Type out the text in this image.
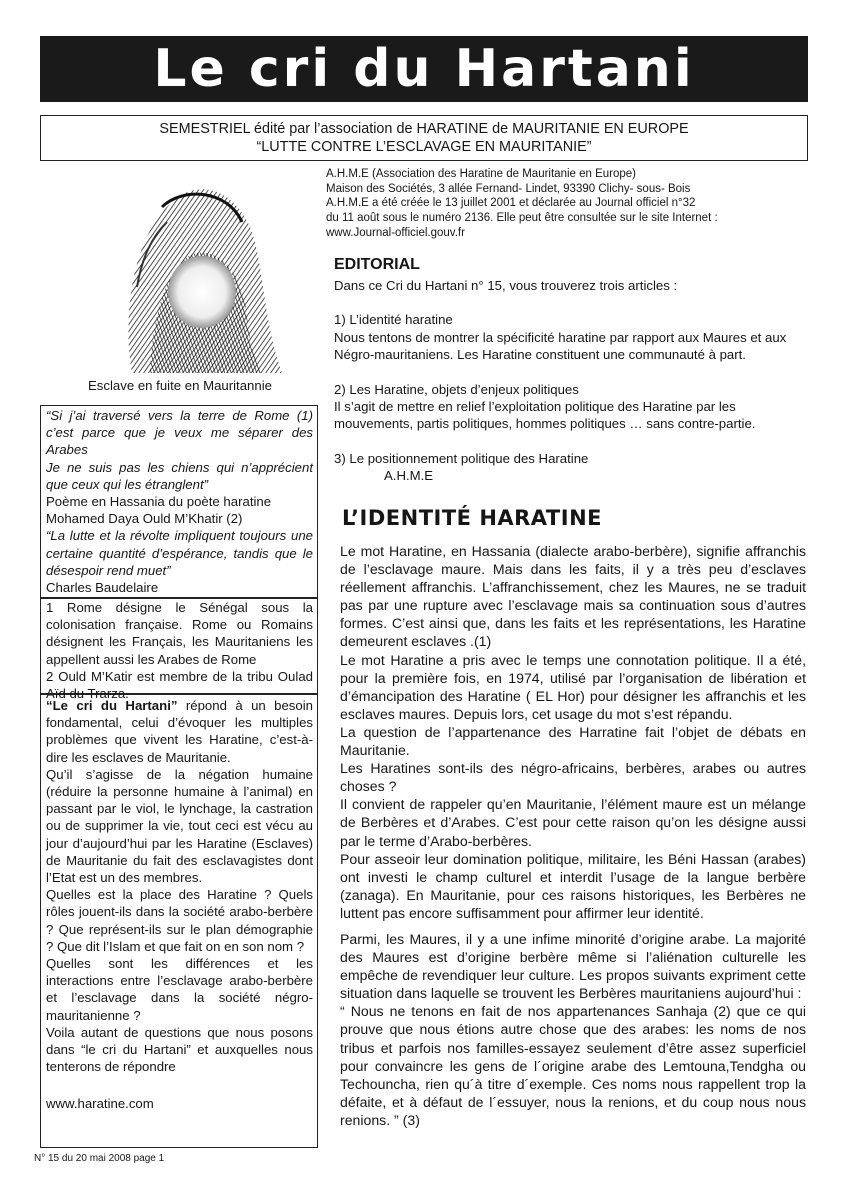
Le cri du Hartani
SEMESTRIEL édité par l’association de HARATINE de MAURITANIE EN EUROPE
“LUTTE CONTRE L’ESCLAVAGE EN MAURITANIE”
Esclave en fuite en Mauritannie

“Si j’ai traversé vers la terre de Rome (1) c’est parce que je veux me séparer des Arabes

Je ne suis pas les chiens qui n’apprécient que ceux qui les étranglent”

Poème en Hassania du poète haratine Mohamed Daya Ould M’Khatir (2)

“La lutte et la révolte impliquent toujours une certaine quantité d’espérance, tandis que le désespoir rend muet”

Charles Baudelaire

1 Rome désigne le Sénégal sous la colonisation française. Rome ou Romains désignent les Français, les Mauritaniens les appellent aussi les Arabes de Rome

2 Ould M’Katir est membre de la tribu Oulad Aïd du Trarza.

“Le cri du Hartani” répond à un besoin fondamental, celui d’évoquer les multiples problèmes que vivent les Haratine, c’est-à-dire les esclaves de Mauritanie.

Qu’il s’agisse de la négation humaine (réduire la personne humaine à l’animal) en passant par le viol, le lynchage, la castration ou de supprimer la vie, tout ceci est vécu au jour d’aujourd’hui par les Haratine (Esclaves) de Mauritanie du fait des esclavagistes dont l’Etat est un des membres.

Quelles est la place des Haratine ? Quels rôles jouent-ils dans la société arabo-berbère ? Que représent-ils sur le plan démographie ? Que dit l’Islam et que fait on en son nom ?

Quelles sont les différences et les interactions entre l’esclavage arabo-berbère et l’esclavage dans la société négro-mauritanienne ?

Voila autant de questions que nous posons dans “le cri du Hartani” et auxquelles nous tenterons de répondre

www.haratine.com

A.H.M.E (Association des Haratine de Mauritanie en Europe)
Maison des Sociétés, 3 allée Fernand- Lindet, 93390 Clichy- sous- Bois
A.H.M.E a été créée le 13 juillet 2001 et déclarée au Journal officiel n°32
du 11 août sous le numéro 2136. Elle peut être consultée sur le site Internet :
www.Journal-officiel.gouv.fr
EDITORIAL

Dans ce Cri du Hartani n° 15, vous trouverez trois articles :

1) L’identité haratine

Nous tentons de montrer la spécificité haratine par rapport aux Maures et aux Négro-mauritaniens. Les Haratine constituent une communauté à part.

2) Les Haratine, objets d’enjeux politiques

Il s’agit de mettre en relief l’exploitation politique des Haratine par les mouvements, partis politiques, hommes politiques … sans contre-partie.

3) Le positionnement politique des Haratine

A.H.M.E

L’IDENTITÉ HARATINE

Le mot Haratine, en Hassania (dialecte arabo-berbère), signifie affranchis de l’esclavage maure. Mais dans les faits, il y a très peu d’esclaves réellement affranchis. L’affranchissement, chez les Maures, ne se traduit pas par une rupture avec l’esclavage mais sa continuation sous d’autres formes. C’est ainsi que, dans les faits et les représentations, les Haratine demeurent esclaves .(1)

Le mot Haratine a pris avec le temps une connotation politique. Il a été, pour la première fois, en 1974, utilisé par l’organisation de libération et d’émancipation des Haratine ( EL Hor) pour désigner les affranchis et les esclaves maures. Depuis lors, cet usage du mot s’est répandu.

La question de l’appartenance des Harratine fait l’objet de débats en Mauritanie.

Les Haratines sont-ils des négro-africains, berbères, arabes ou autres choses ?

Il convient de rappeler qu’en Mauritanie, l’élément maure est un mélange de Berbères et d’Arabes. C’est pour cette raison qu’on les désigne aussi par le terme d’Arabo-berbères.

Pour asseoir leur domination politique, militaire, les Béni Hassan (arabes) ont investi le champ culturel et interdit l’usage de la langue berbère (zanaga). En Mauritanie, pour ces raisons historiques, les Berbères ne luttent pas encore suffisamment pour affirmer leur identité.

Parmi, les Maures, il y a une infime minorité d’origine arabe. La majorité des Maures est d’origine berbère même si l’aliénation culturelle les empêche de revendiquer leur culture. Les propos suivants expriment cette situation dans laquelle se trouvent les Berbères mauritaniens aujourd’hui :

“ Nous ne tenons en fait de nos appartenances Sanhaja (2) que ce qui prouve que nous étions autre chose que des arabes: les noms de nos tribus et parfois nos familles-essayez seulement d’être assez superficiel pour convaincre les gens de l´origine arabe des Lemtouna,Tendgha ou Techouncha, rien qu´à titre d´exemple. Ces noms nous rappellent trop la défaite, et à défaut de l´essuyer, nous la renions, et du coup nous nous renions. ” (3)

N° 15 du 20 mai 2008 page 1
